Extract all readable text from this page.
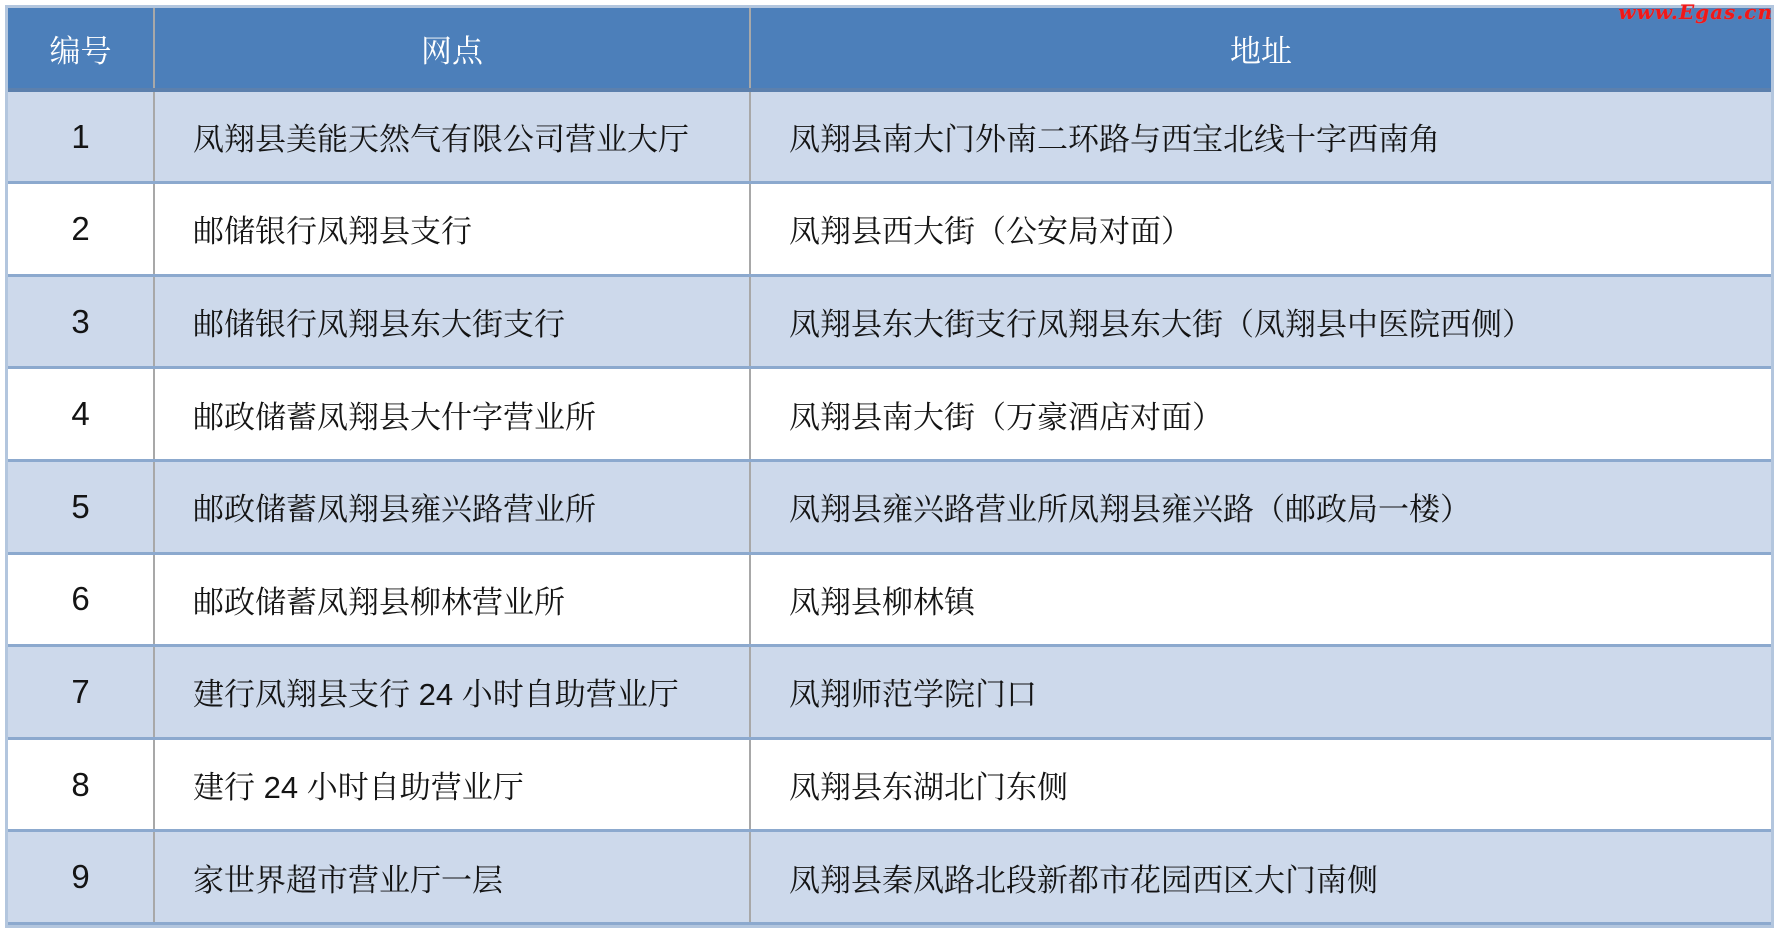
www.Egas.cn
编号	网点	地址
1	凤翔县美能天然气有限公司营业大厅	凤翔县南大门外南二环路与西宝北线十字西南角
2	邮储银行凤翔县支行	凤翔县西大街（公安局对面）
3	邮储银行凤翔县东大街支行	凤翔县东大街支行凤翔县东大街（凤翔县中医院西侧）
4	邮政储蓄凤翔县大什字营业所	凤翔县南大街（万豪酒店对面）
5	邮政储蓄凤翔县雍兴路营业所	凤翔县雍兴路营业所凤翔县雍兴路（邮政局一楼）
6	邮政储蓄凤翔县柳林营业所	凤翔县柳林镇
7	建行凤翔县支行 24 小时自助营业厅	凤翔师范学院门口
8	建行 24 小时自助营业厅	凤翔县东湖北门东侧
9	家世界超市营业厅一层	凤翔县秦凤路北段新都市花园西区大门南侧
